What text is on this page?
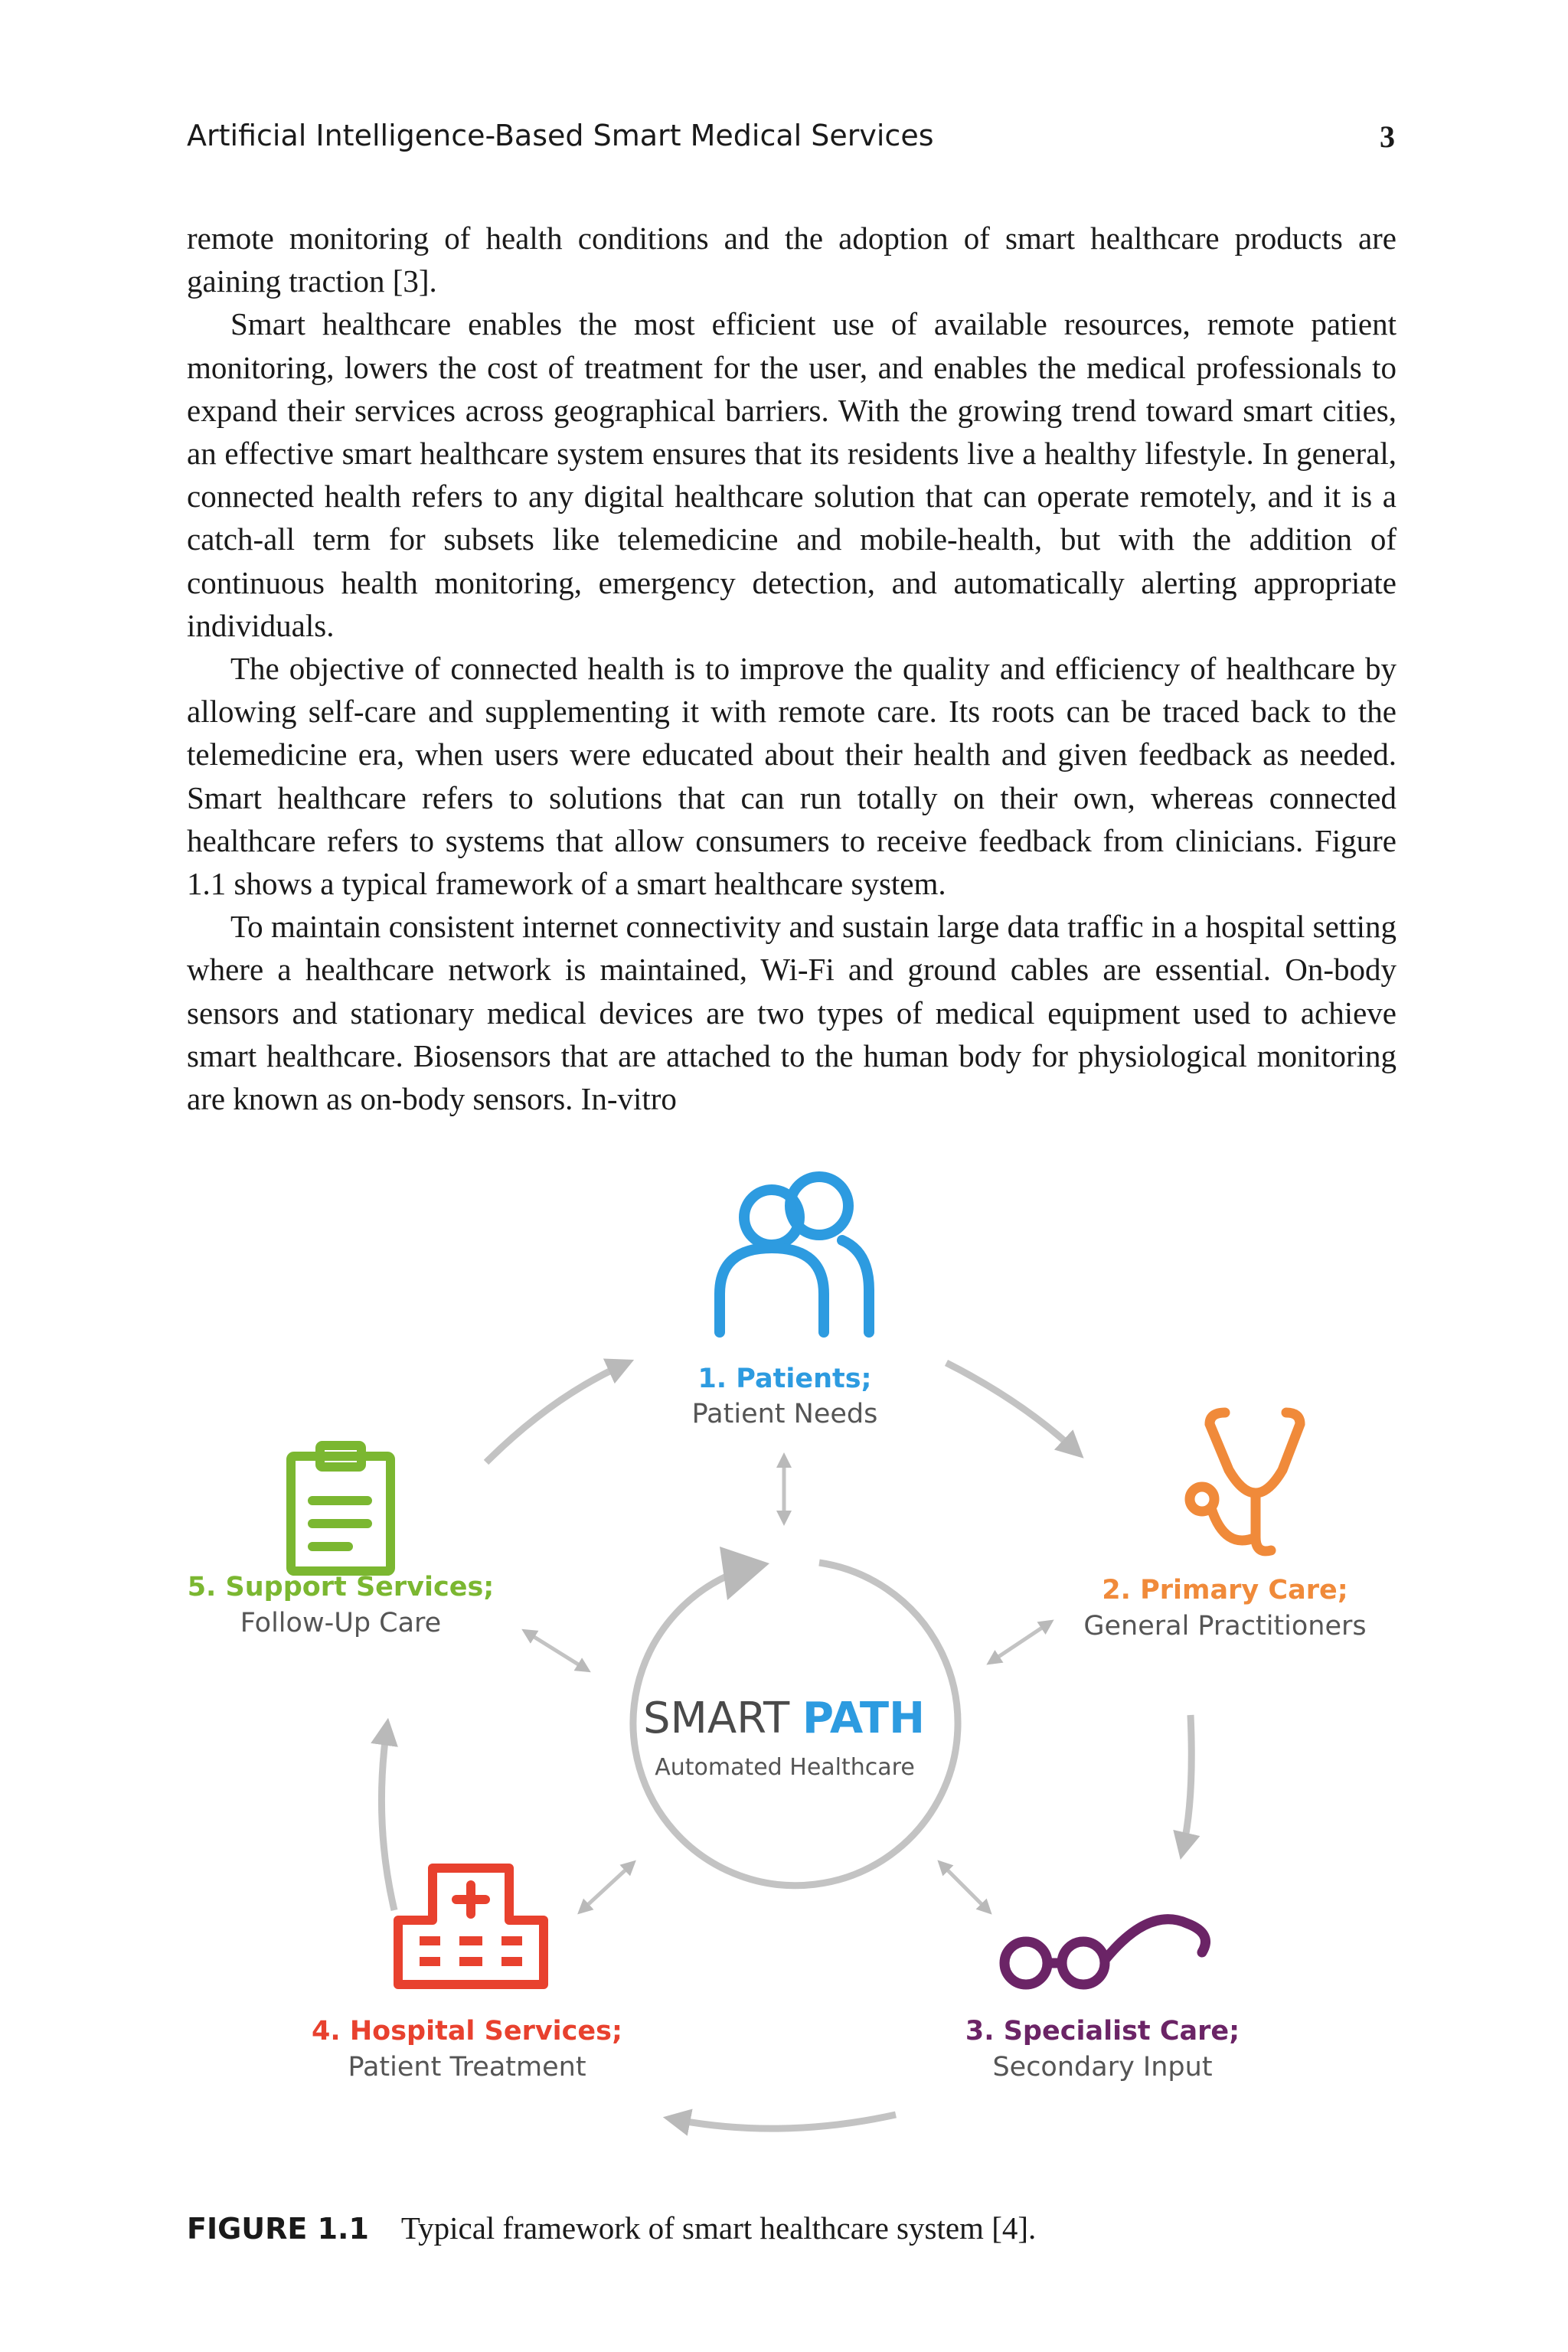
Artificial Intelligence-Based Smart Medical Services	3

remote monitoring of health conditions and the adoption of smart healthcare products are gaining traction [3].

Smart healthcare enables the most efficient use of available resources, remote patient monitoring, lowers the cost of treatment for the user, and enables the medical professionals to expand their services across geographical barriers. With the growing trend toward smart cities, an effective smart healthcare system ensures that its residents live a healthy lifestyle. In general, connected health refers to any digital healthcare solution that can operate remotely, and it is a catch-all term for subsets like telemedicine and mobile-health, but with the addition of continuous health monitoring, emergency detection, and automatically alerting appropriate individuals.

The objective of connected health is to improve the quality and efficiency of healthcare by allowing self-care and supplementing it with remote care. Its roots can be traced back to the telemedicine era, when users were educated about their health and given feedback as needed. Smart healthcare refers to solutions that can run totally on their own, whereas connected healthcare refers to systems that allow consumers to receive feedback from clinicians. Figure 1.1 shows a typical framework of a smart healthcare system.

To maintain consistent internet connectivity and sustain large data traffic in a hospital setting where a healthcare network is maintained, Wi-Fi and ground cables are essential. On-body sensors and stationary medical devices are two types of medical equipment used to achieve smart healthcare. Biosensors that are attached to the human body for physiological monitoring are known as on-body sensors. In-vitro

SMART PATH
Automated Healthcare
1. Patients;
Patient Needs
2. Primary Care;
General Practitioners
3. Specialist Care;
Secondary Input
4. Hospital Services;
Patient Treatment
5. Support Services;
Follow-Up Care
FIGURE 1.1 Typical framework of smart healthcare system [4].
